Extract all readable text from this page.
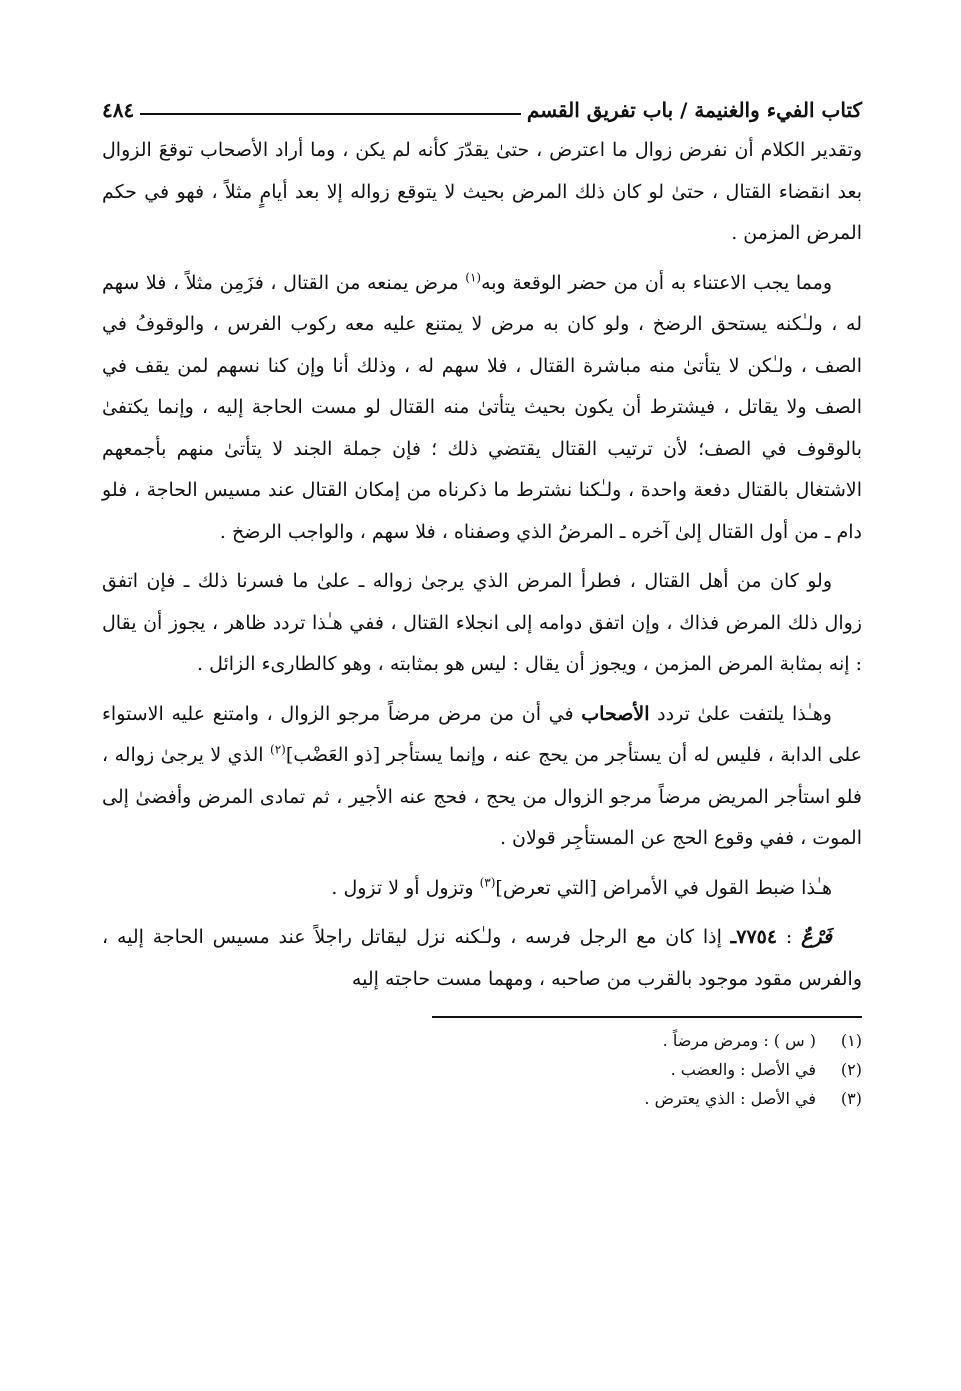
كتاب الفيء والغنيمة / باب تفريق القسم
٤٨٤

وتقدير الكلام أن نفرض زوال ما اعترض ، حتىٰ يقدّرَ كأنه لم يكن ، وما أراد الأصحاب توقعَ الزوال بعد انقضاء القتال ، حتىٰ لو كان ذلك المرض بحيث لا يتوقع زواله إلا بعد أيامٍ مثلاً ، فهو في حكم المرض المزمن .

ومما يجب الاعتناء به أن من حضر الوقعة وبه$^{(١)}$ مرض يمنعه من القتال ، فزَمِن مثلاً ، فلا سهم له ، ولـٰكنه يستحق الرضخ ، ولو كان به مرض لا يمتنع عليه معه ركوب الفرس ، والوقوفُ في الصف ، ولـٰكن لا يتأتىٰ منه مباشرة القتال ، فلا سهم له ، وذلك أنا وإن كنا نسهم لمن يقف في الصف ولا يقاتل ، فيشترط أن يكون بحيث يتأتىٰ منه القتال لو مست الحاجة إليه ، وإنما يكتفىٰ بالوقوف في الصف؛ لأن ترتيب القتال يقتضي ذلك ؛ فإن جملة الجند لا يتأتىٰ منهم بأجمعهم الاشتغال بالقتال دفعة واحدة ، ولـٰكنا نشترط ما ذكرناه من إمكان القتال عند مسيس الحاجة ، فلو دام ـ من أول القتال إلىٰ آخره ـ المرضُ الذي وصفناه ، فلا سهم ، والواجب الرضخ .

ولو كان من أهل القتال ، فطرأ المرض الذي يرجىٰ زواله ـ علىٰ ما فسرنا ذلك ـ فإن اتفق زوال ذلك المرض فذاك ، وإن اتفق دوامه إلى انجلاء القتال ، ففي هـٰذا تردد ظاهر ، يجوز أن يقال : إنه بمثابة المرض المزمن ، ويجوز أن يقال : ليس هو بمثابته ، وهو كالطارىء الزائل .

وهـٰذا يلتفت علىٰ تردد الأصحاب في أن من مرض مرضاً مرجو الزوال ، وامتنع عليه الاستواء على الدابة ، فليس له أن يستأجر من يحج عنه ، وإنما يستأجر [ذو العَضْب]$^{(٢)}$ الذي لا يرجىٰ زواله ، فلو استأجر المريض مرضاً مرجو الزوال من يحج ، فحج عنه الأجير ، ثم تمادى المرض وأفضىٰ إلى الموت ، ففي وقوع الحج عن المستأجِر قولان .

هـٰذا ضبط القول في الأمراض [التي تعرض]$^{(٣)}$ وتزول أو لا تزول .

فَرْعٌ : ٧٧٥٤ـ إذا كان مع الرجل فرسه ، ولـٰكنه نزل ليقاتل راجلاً عند مسيس الحاجة إليه ، والفرس مقود موجود بالقرب من صاحبه ، ومهما مست حاجته إليه

(١)
( س ) : ومرض مرضاً .
(٢)
في الأصل : والعضب .
(٣)
في الأصل : الذي يعترض .
